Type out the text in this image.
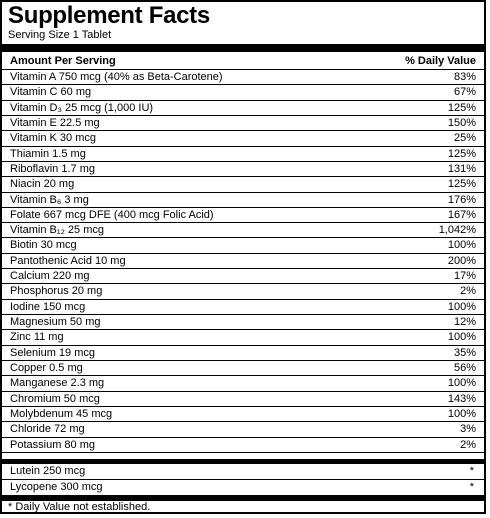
Supplement Facts
Serving Size 1 Tablet
Amount Per Serving	% Daily Value
Vitamin A 750 mcg (40% as Beta-Carotene)	83%
Vitamin C 60 mg	67%
Vitamin D₃ 25 mcg (1,000 IU)	125%
Vitamin E 22.5 mg	150%
Vitamin K 30 mcg	25%
Thiamin 1.5 mg	125%
Riboflavin 1.7 mg	131%
Niacin 20 mg	125%
Vitamin B₆ 3 mg	176%
Folate 667 mcg DFE (400 mcg Folic Acid)	167%
Vitamin B₁₂ 25 mcg	1,042%
Biotin 30 mcg	100%
Pantothenic Acid 10 mg	200%
Calcium 220 mg	17%
Phosphorus 20 mg	2%
Iodine 150 mcg	100%
Magnesium 50 mg	12%
Zinc 11 mg	100%
Selenium 19 mcg	35%
Copper 0.5 mg	56%
Manganese 2.3 mg	100%
Chromium 50 mcg	143%
Molybdenum 45 mcg	100%
Chloride 72 mg	3%
Potassium 80 mg	2%
Lutein 250 mcg	*
Lycopene 300 mcg	*
* Daily Value not established.
